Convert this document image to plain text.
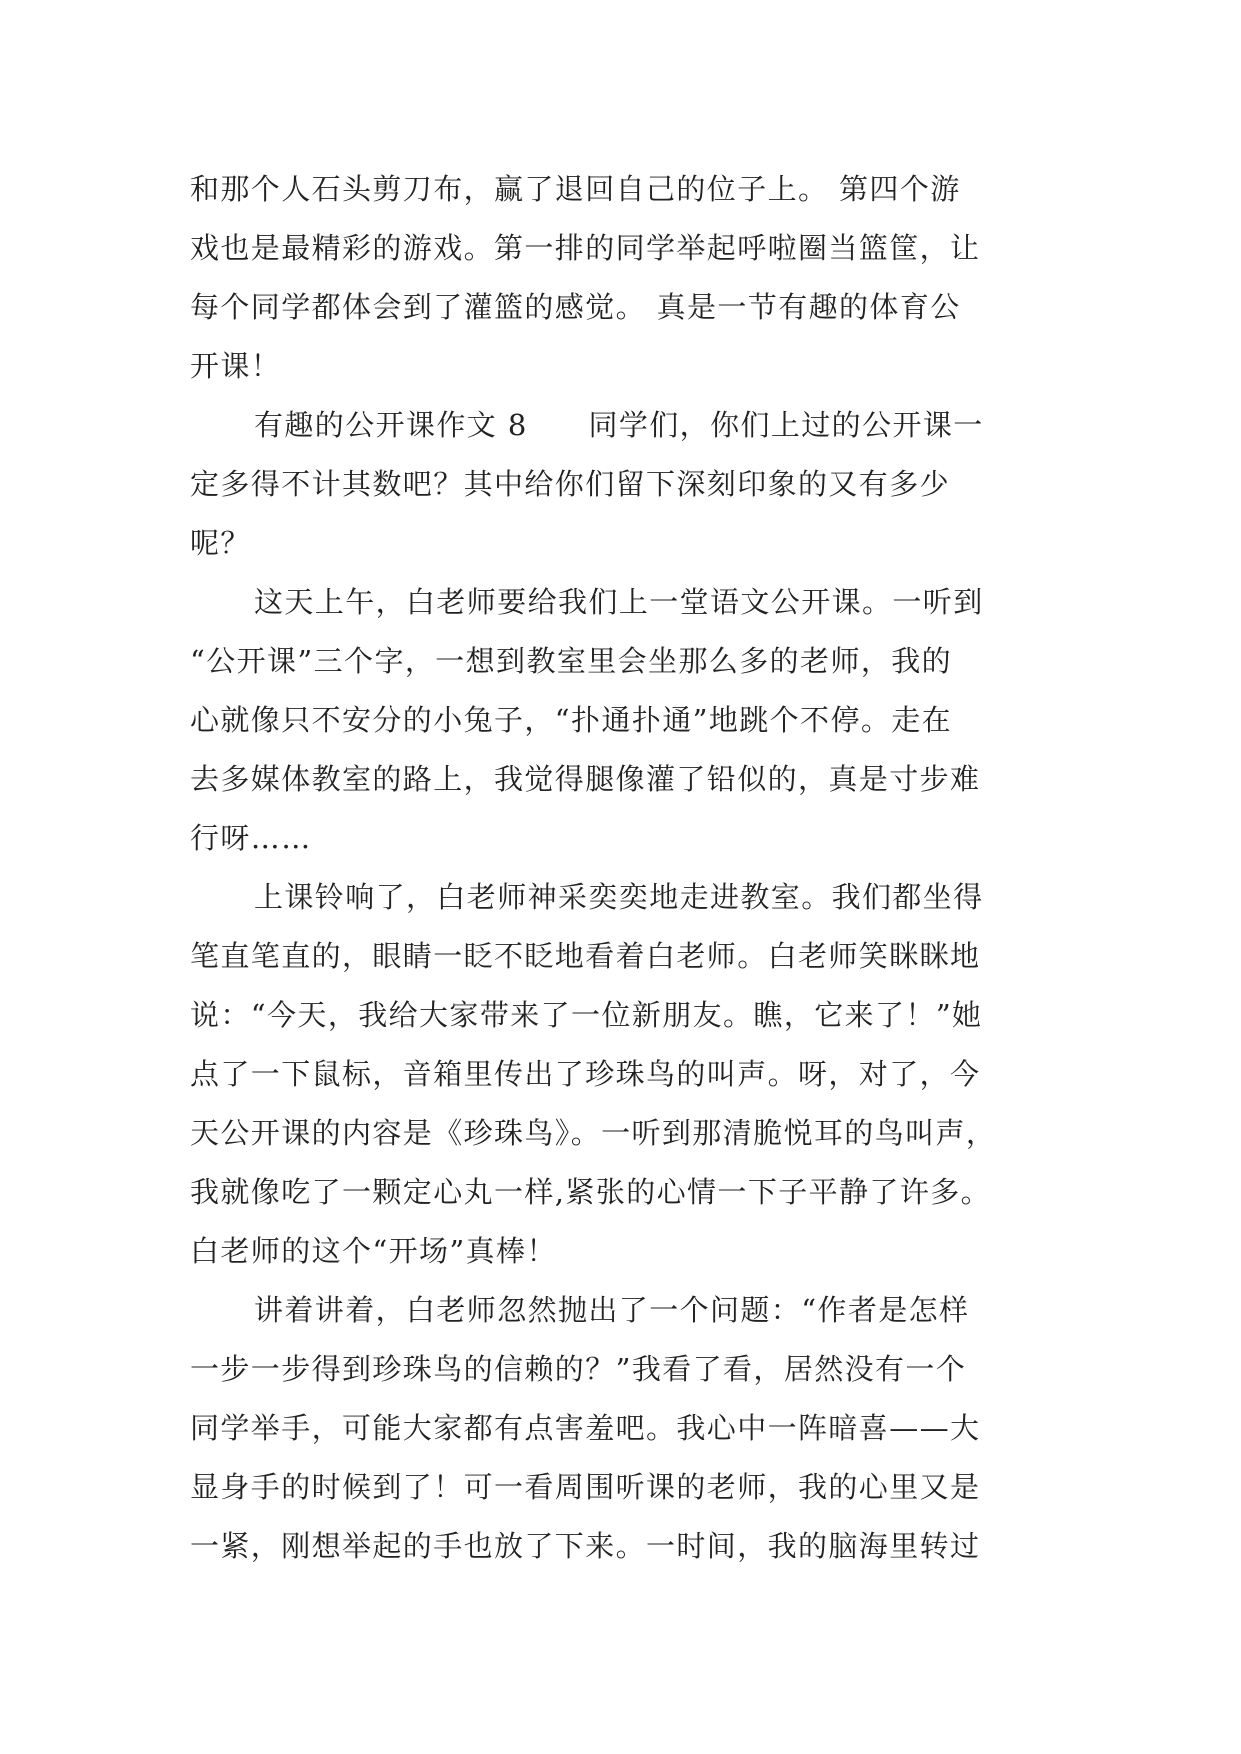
和那个人石头剪刀布，赢了退回自己的位子上。 第四个游
戏也是最精彩的游戏。第一排的同学举起呼啦圈当篮筐，让
每个同学都体会到了灌篮的感觉。 真是一节有趣的体育公
开课！
有趣的公开课作文 8　　同学们，你们上过的公开课一
定多得不计其数吧？其中给你们留下深刻印象的又有多少
呢？
这天上午，白老师要给我们上一堂语文公开课。一听到
“公开课”三个字，一想到教室里会坐那么多的老师，我的
心就像只不安分的小兔子，“扑通扑通”地跳个不停。走在
去多媒体教室的路上，我觉得腿像灌了铅似的，真是寸步难
行呀……
上课铃响了，白老师神采奕奕地走进教室。我们都坐得
笔直笔直的，眼睛一眨不眨地看着白老师。白老师笑眯眯地
说：“今天，我给大家带来了一位新朋友。瞧，它来了！”她
点了一下鼠标，音箱里传出了珍珠鸟的叫声。呀，对了，今
天公开课的内容是《珍珠鸟》。一听到那清脆悦耳的鸟叫声，
我就像吃了一颗定心丸一样,紧张的心情一下子平静了许多。
白老师的这个“开场”真棒！
讲着讲着，白老师忽然抛出了一个问题：“作者是怎样
一步一步得到珍珠鸟的信赖的？”我看了看，居然没有一个
同学举手，可能大家都有点害羞吧。我心中一阵暗喜——大
显身手的时候到了！可一看周围听课的老师，我的心里又是
一紧，刚想举起的手也放了下来。一时间，我的脑海里转过
